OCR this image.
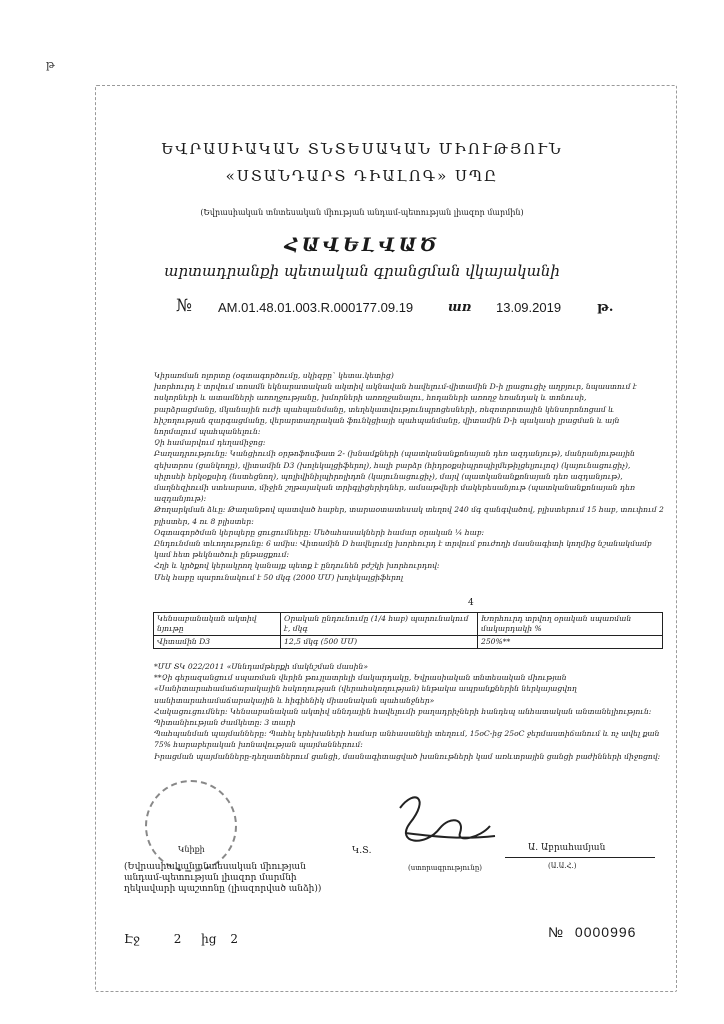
թ
ԵՎՐԱՍԻԱԿԱՆ ՏՆՏԵՍԱԿԱՆ ՄԻՈՒԹՅՈՒՆ
«ՍՏԱՆԴԱՐՏ ԴԻԱԼՈԳ» ՍՊԸ
(Եվրասիական տնտեսական միության անդամ-պետության լիազոր մարմին)
ՀԱՎԵԼՎԱԾ
արտադրանքի պետական գրանցման վկայականի
№ AM.01.48.01.003.R.000177.09.19	առ 13.09.2019	թ.

Կիրառման ոլորտը (օգտագործումը, սկիզբը` կետա․կետից)

խորհուրդ է տրվում տոամն եկնարատական ակտիվ ակնավան հավելում-վիտամին D-ի լրացուցիչ աղբյուր, նպաստում է ոսկորների և ատամների առողջությանը, խմորների առողջանալու, հոդաների առողջ եռանդակ և տոնուսի,

բարձրացմանը, մկանային ուժի պահպանմանը, տեղեկատվությունպրոցեսների, ռեզոտրոտային կենսորոնոցամ և հիշողության զարգացմանը, վերարտադրական ֆունկցիայի պահպանմանը, վիտամին D-ի պակասի լրացման և այն նորմալում պահպանելուն:

Չի համարվում դեղամիջոց:

Բաղադրությունը: Կանցիումի օրթոֆոսֆատ 2- (խնամքների (պատկանանքոնայան դեռ ազդանյութ), մանրանյութային զեխտրոս (ցանկողը), վիտամին D3 (խոլեկալցիֆերոլ), հալի բարձր (հիդրօքսիպրոպիլմեթիլցելյուլոզ) (կայունացուցիչ), սիլոսեի երկօքսիդ (նստեցնող), պոլիվինիլպիրոլիդոն (կայունացուցիչ), մայվ (պատկանանքոնայան դեռ ազդանյութ), մաղնեզիումի ստեարատ, միջին շղթայական տրիգլիցերիդներ, ամսաթվերի մակերեսանյութ (պատկանանքոնայան դեռ ազդանյութ):

Թողարկման ձևը: Թաղանթով պատված հաբեր, տարաօտատեսակ տեղով 240 մգ զանգվածով, բլիստերում 15 հաբ, տուփում 2 բլիստեր, 4 ու 8 բլիստեր:

Օգտագործման կերպերը ցուցումները: Մեծահասակների համար օրական ¼ հաբ:

Ընդունման տևողությունը: 6 ամիս: Վիտամին D հավելումը խորհուրդ է տրվում բուժողի մասնագիտի կողմից նշանակմամբ կամ հետ թեկնածուի ընթացքում:

Հղի և կրծքով կերակրող կանայք պետք է ընդունեն բժշկի խորհուրդով:

Մեկ հաբը պարունակում է 50 մկգ (2000 ՄՄ) խոլեկալցիֆերոլ

4
Կենսաբանական ակտիվ նյութը	Օրական ընդունումը (1/4 հաբ) պարունակում է, մկգ	Խորհուրդ տրվող օրական սպառման մակարդակի %
Վիտամին D3	12,5 մկգ (500 ՄՄ)	250%**

*ՄՄ ՏԿ 022/2011 «Սննդամթերքի մակնշման մասին»

**Չի գերազանցում սպառման վերին թույլատրելի մակարդակը, Եվրասիական տնտեսական միության «Սանիտարահամաճարակային հսկողության (վերահսկողության) ենթակա ապրանքներին ներկայացվող սանիտարահամաճարակային և հիգիենիկ միասնական պահանջներ»

Հակացուցումներ: Կենսաբանական ակտիվ սննդային հավելումի բաղադրիչների հանդեպ անհատական անտանելիություն:

Պիտանիության ժամկետը: 3 տարի

Պահպանման պայմանները: Պահել երեխաների համար անհասանելի տեղում, 15oC-ից 25oC ջերմաստիճանում և ոչ ավել քան 75% հարաբերական խոնավության պայմաններում:

Իրացման պայմանները-դեղատներում ցանցի, մասնագիտացված խանութների կամ առևտրային ցանցի բաժինների միջոցով:

Կնիքի	Կ.Տ.
(ստորագրությունը)
Ա. Աբրահամյան
(Ա.Ա.Հ.)
(Եվրասիականտնտեսական միության անդամ-պետության լիազոր մարմնի ղեկավարի պաշտոնը (լիազորված անձի))
Էջ	2 ից 2	№ 0000996
